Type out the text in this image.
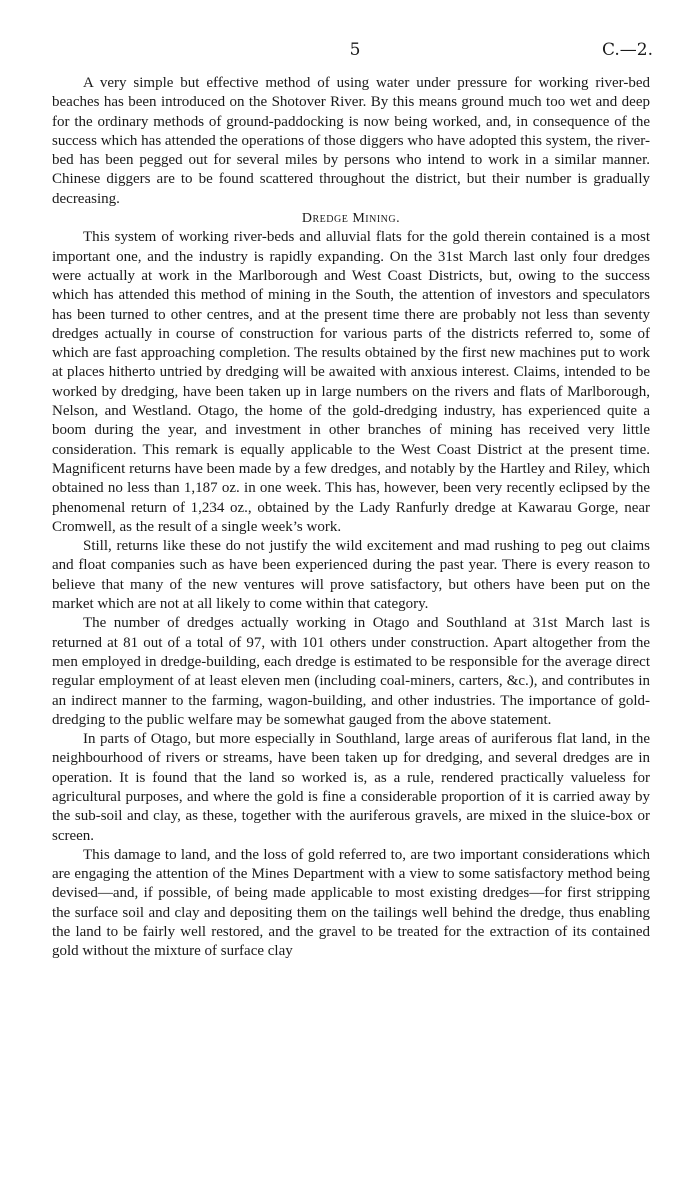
5	C.—2.

A very simple but effective method of using water under pressure for working river-bed beaches has been introduced on the Shotover River. By this means ground much too wet and deep for the ordinary methods of ground-paddocking is now being worked, and, in consequence of the success which has attended the operations of those diggers who have adopted this system, the river-bed has been pegged out for several miles by persons who intend to work in a similar manner. Chinese diggers are to be found scattered throughout the district, but their number is gradually decreasing.

Dredge Mining.

This system of working river-beds and alluvial flats for the gold therein contained is a most important one, and the industry is rapidly expanding. On the 31st March last only four dredges were actually at work in the Marlborough and West Coast Districts, but, owing to the success which has attended this method of mining in the South, the attention of investors and speculators has been turned to other centres, and at the present time there are probably not less than seventy dredges actually in course of construction for various parts of the districts referred to, some of which are fast approaching completion. The results obtained by the first new machines put to work at places hitherto untried by dredging will be awaited with anxious interest. Claims, intended to be worked by dredging, have been taken up in large numbers on the rivers and flats of Marlborough, Nelson, and Westland. Otago, the home of the gold-dredging industry, has experienced quite a boom during the year, and investment in other branches of mining has received very little consideration. This remark is equally applicable to the West Coast District at the present time. Magnificent returns have been made by a few dredges, and notably by the Hartley and Riley, which obtained no less than 1,187 oz. in one week. This has, however, been very recently eclipsed by the phenomenal return of 1,234 oz., obtained by the Lady Ranfurly dredge at Kawarau Gorge, near Cromwell, as the result of a single week’s work.

Still, returns like these do not justify the wild excitement and mad rushing to peg out claims and float companies such as have been experienced during the past year. There is every reason to believe that many of the new ventures will prove satisfactory, but others have been put on the market which are not at all likely to come within that category.

The number of dredges actually working in Otago and Southland at 31st March last is returned at 81 out of a total of 97, with 101 others under construction. Apart altogether from the men employed in dredge-building, each dredge is estimated to be responsible for the average direct regular employment of at least eleven men (including coal-miners, carters, &c.), and contributes in an indirect manner to the farming, wagon-building, and other industries. The importance of gold-dredging to the public welfare may be somewhat gauged from the above statement.

In parts of Otago, but more especially in Southland, large areas of auriferous flat land, in the neighbourhood of rivers or streams, have been taken up for dredging, and several dredges are in operation. It is found that the land so worked is, as a rule, rendered practically valueless for agricultural purposes, and where the gold is fine a considerable proportion of it is carried away by the sub-soil and clay, as these, together with the auriferous gravels, are mixed in the sluice-box or screen.

This damage to land, and the loss of gold referred to, are two important considerations which are engaging the attention of the Mines Department with a view to some satisfactory method being devised—and, if possible, of being made applicable to most existing dredges—for first stripping the surface soil and clay and depositing them on the tailings well behind the dredge, thus enabling the land to be fairly well restored, and the gravel to be treated for the extraction of its contained gold without the mixture of surface clay
